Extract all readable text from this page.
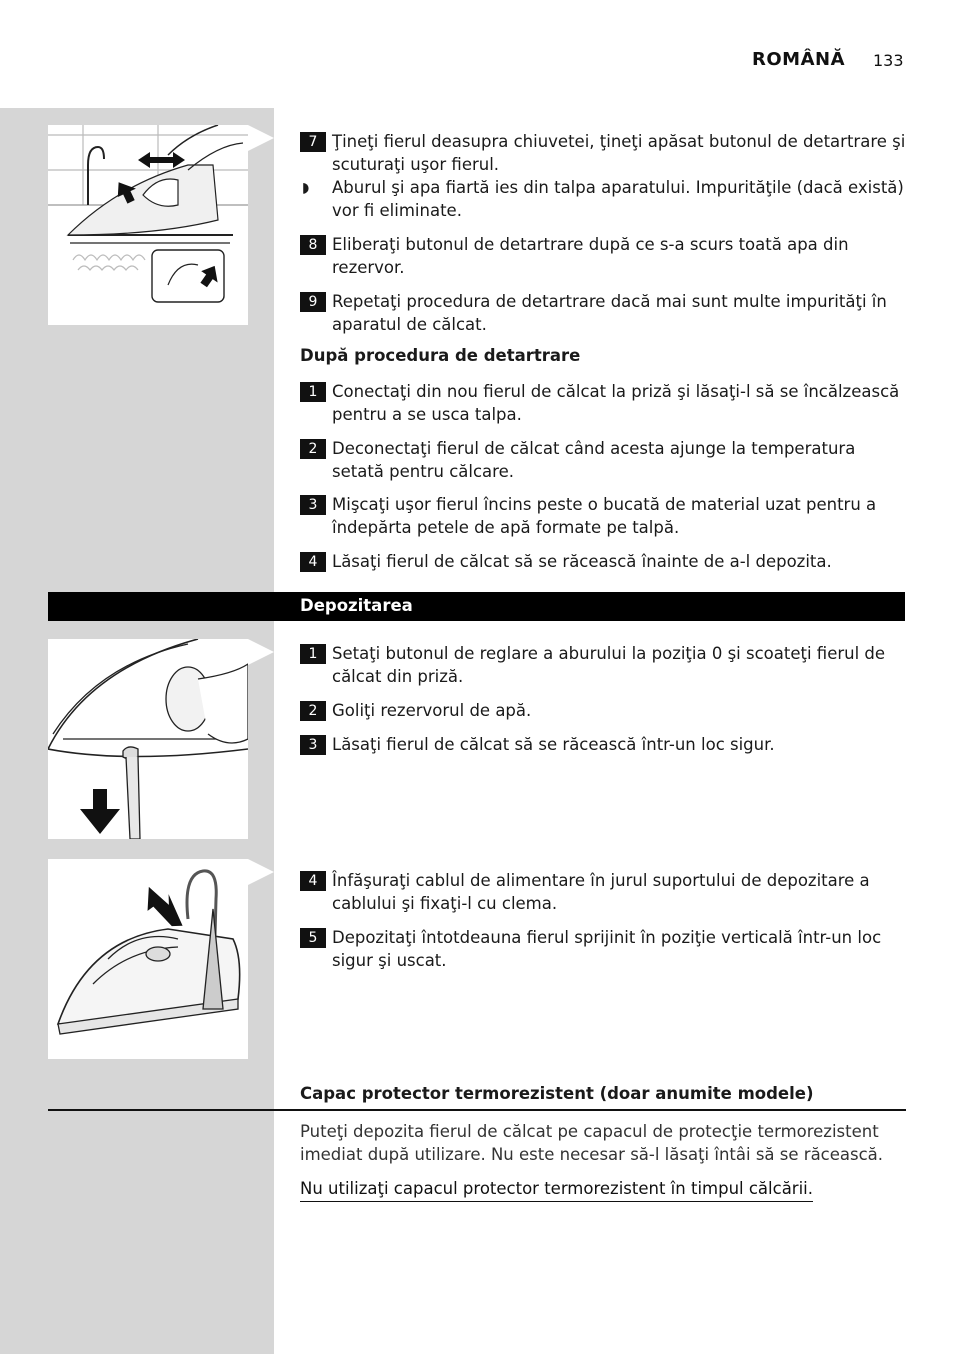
ROMÂNĂ 133
7 Ţineţi fierul deasupra chiuvetei, ţineţi apăsat butonul de detartrare şi scuturaţi uşor fierul.
◗ Aburul şi apa fiartă ies din talpa aparatului. Impurităţile (dacă există) vor fi eliminate.
8 Eliberaţi butonul de detartrare după ce s-a scurs toată apa din rezervor.
9 Repetaţi procedura de detartrare dacă mai sunt multe impurităţi în aparatul de călcat.
După procedura de detartrare
1 Conectaţi din nou fierul de călcat la priză şi lăsaţi-l să se încălzească pentru a se usca talpa.
2 Deconectaţi fierul de călcat când acesta ajunge la temperatura setată pentru călcare.
3 Mişcaţi uşor fierul încins peste o bucată de material uzat pentru a îndepărta petele de apă formate pe talpă.
4 Lăsaţi fierul de călcat să se răcească înainte de a-l depozita.
Depozitarea
1 Setaţi butonul de reglare a aburului la poziţia 0 şi scoateţi fierul de călcat din priză.
2 Goliţi rezervorul de apă.
3 Lăsaţi fierul de călcat să se răcească într-un loc sigur.
4 Înfăşuraţi cablul de alimentare în jurul suportului de depozitare a cablului şi fixaţi-l cu clema.
5 Depozitaţi întotdeauna fierul sprijinit în poziţie verticală într-un loc sigur şi uscat.
Capac protector termorezistent (doar anumite modele)
Puteţi depozita fierul de călcat pe capacul de protecţie termorezistent imediat după utilizare. Nu este necesar să-l lăsaţi întâi să se răcească.
Nu utilizaţi capacul protector termorezistent în timpul călcării.
